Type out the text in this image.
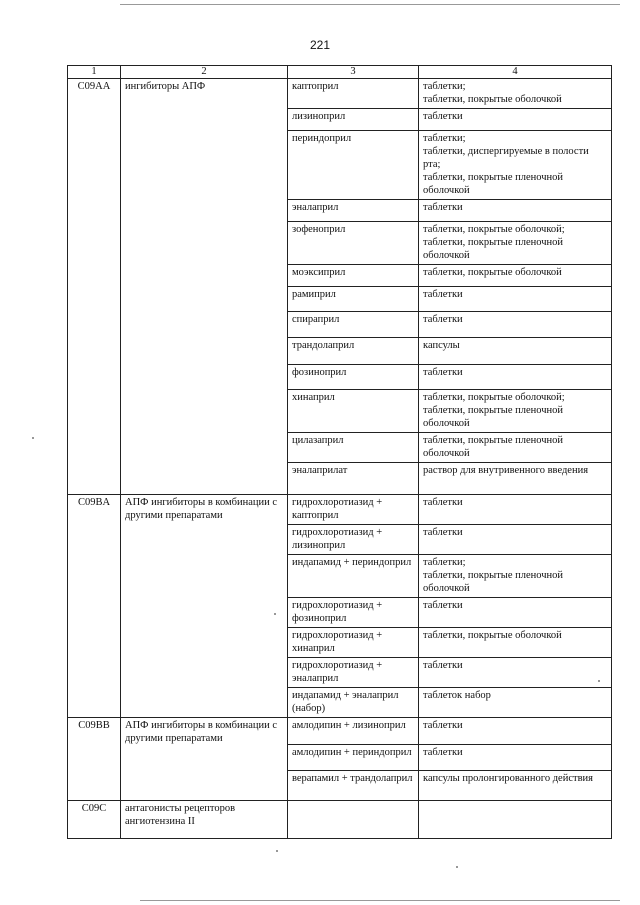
221
1	2	3	4
C09AA	ингибиторы АПФ	каптоприл	таблетки;
таблетки, покрытые оболочкой
		лизиноприл	таблетки
		периндоприл	таблетки;
таблетки, диспергируемые в полости рта;
таблетки, покрытые пленочной оболочкой
		эналаприл	таблетки
		зофеноприл	таблетки, покрытые оболочкой;
таблетки, покрытые пленочной оболочкой
		моэксиприл	таблетки, покрытые оболочкой
		рамиприл	таблетки
		спираприл	таблетки
		трандолаприл	капсулы
		фозиноприл	таблетки
		хинаприл	таблетки, покрытые оболочкой;
таблетки, покрытые пленочной оболочкой
		цилазаприл	таблетки, покрытые пленочной оболочкой
		эналаприлат	раствор для внутривенного введения
C09BA	АПФ ингибиторы в комбинации с другими препаратами	гидрохлоротиазид + каптоприл	таблетки
		гидрохлоротиазид + лизиноприл	таблетки
		индапамид + периндоприл	таблетки;
таблетки, покрытые пленочной оболочкой
		гидрохлоротиазид + фозиноприл	таблетки
		гидрохлоротиазид + хинаприл	таблетки, покрытые оболочкой
		гидрохлоротиазид + эналаприл	таблетки
		индапамид + эналаприл (набор)	таблеток набор
C09BB	АПФ ингибиторы в комбинации с другими препаратами	амлодипин + лизиноприл	таблетки
		амлодипин + периндоприл	таблетки
		верапамил + трандолаприл	капсулы пролонгированного действия
C09C	антагонисты рецепторов ангиотензина II		
